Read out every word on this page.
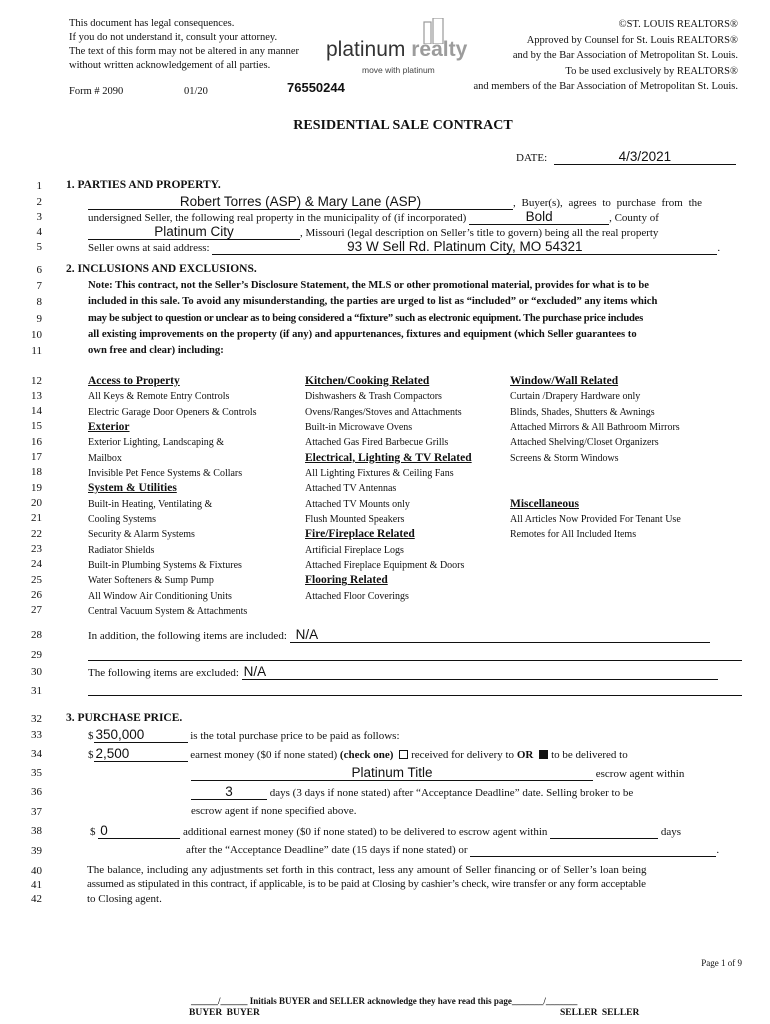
This document has legal consequences.
If you do not understand it, consult your attorney.
The text of this form may not be altered in any manner
without written acknowledgement of all parties.
Form # 2090	01/20	76550244
platinum realty
move with platinum
©ST. LOUIS REALTORS®
Approved by Counsel for St. Louis REALTORS®
and by the Bar Association of Metropolitan St. Louis.
To be used exclusively by REALTORS®
and members of the Bar Association of Metropolitan St. Louis.
RESIDENTIAL SALE CONTRACT
DATE:	4/3/2021
1
2
3
4
5
6
7
8
9
10
11
12
13
14
15
16
17
18
19
20
21
22
23
24
25
26
27
28
29
30
31
32
33
34
35
36
37
38
39
40
41
42
1. PARTIES AND PROPERTY.
Robert Torres (ASP) & Mary Lane (ASP)	, Buyer(s), agrees to purchase from the
undersigned Seller, the following real property in the municipality of (if incorporated)	Bold	, County of
Platinum City	, Missouri (legal description on Seller’s title to govern) being all the real property
Seller owns at said address:	93 W Sell Rd. Platinum City, MO 54321	.
2. INCLUSIONS AND EXCLUSIONS.
Note: This contract, not the Seller’s Disclosure Statement, the MLS or other promotional material, provides for what is to be
included in this sale. To avoid any misunderstanding, the parties are urged to list as “included” or “excluded” any items which
may be subject to question or unclear as to being considered a “fixture” such as electronic equipment. The purchase price includes
all existing improvements on the property (if any) and appurtenances, fixtures and equipment (which Seller guarantees to
own free and clear) including:
Access to Property
All Keys & Remote Entry Controls
Electric Garage Door Openers & Controls
Exterior
Exterior Lighting, Landscaping &
Mailbox
Invisible Pet Fence Systems & Collars
System & Utilities
Built-in Heating, Ventilating &
Cooling Systems
Security & Alarm Systems
Radiator Shields
Built-in Plumbing Systems & Fixtures
Water Softeners & Sump Pump
All Window Air Conditioning Units
Central Vacuum System & Attachments
Kitchen/Cooking Related
Dishwashers & Trash Compactors
Ovens/Ranges/Stoves and Attachments
Built-in Microwave Ovens
Attached Gas Fired Barbecue Grills
Electrical, Lighting & TV Related
All Lighting Fixtures & Ceiling Fans
Attached TV Antennas
Attached TV Mounts only
Flush Mounted Speakers
Fire/Fireplace Related
Artificial Fireplace Logs
Attached Fireplace Equipment & Doors
Flooring Related
Attached Floor Coverings
Window/Wall Related
Curtain /Drapery Hardware only
Blinds, Shades, Shutters & Awnings
Attached Mirrors & All Bathroom Mirrors
Attached Shelving/Closet Organizers
Screens & Storm Windows
Miscellaneous
All Articles Now Provided For Tenant Use
Remotes for All Included Items
In addition, the following items are included: N/A
The following items are excluded: N/A
3. PURCHASE PRICE.
$ 350,000	is the total purchase price to be paid as follows:
$ 2,500	earnest money ($0 if none stated) (check one) received for delivery to OR to be delivered to
Platinum Title	escrow agent within
3	days (3 days if none stated) after “Acceptance Deadline” date. Selling broker to be
escrow agent if none specified above.
$ 0	additional earnest money ($0 if none stated) to be delivered to escrow agent within	days
after the “Acceptance Deadline” date (15 days if none stated) or	.
The balance, including any adjustments set forth in this contract, less any amount of Seller financing or of Seller’s loan being
assumed as stipulated in this contract, if applicable, is to be paid at Closing by cashier’s check, wire transfer or any form acceptable
to Closing agent.
Page 1 of 9
______/______ Initials BUYER and SELLER acknowledge they have read this page_______/_______
BUYER BUYER	SELLER SELLER
